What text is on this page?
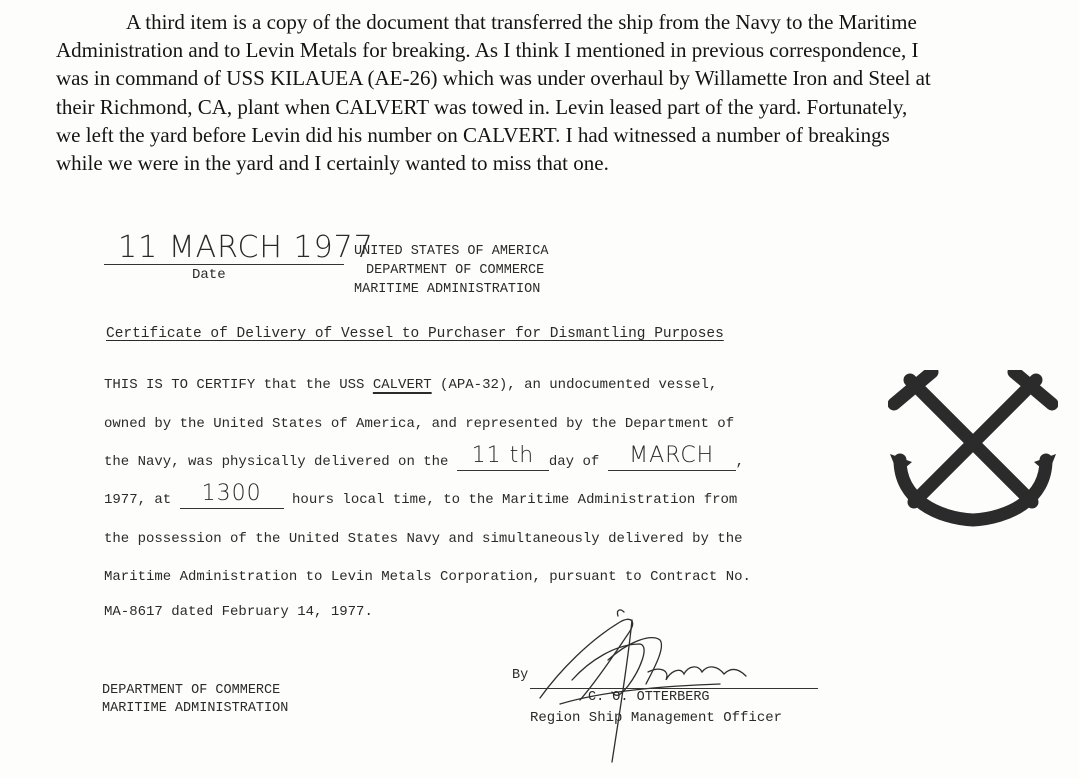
A third item is a copy of the document that transferred the ship from the Navy to the Maritime Administration and to Levin Metals for breaking. As I think I mentioned in previous correspondence, I was in command of USS KILAUEA (AE-26) which was under overhaul by Willamette Iron and Steel at their Richmond, CA, plant when CALVERT was towed in. Levin leased part of the yard. Fortunately, we left the yard before Levin did his number on CALVERT. I had witnessed a number of breakings while we were in the yard and I certainly wanted to miss that one.

11 MARCH 1977
Date
UNITED STATES OF AMERICA
DEPARTMENT OF COMMERCE
MARITIME ADMINISTRATION
Certificate of Delivery of Vessel to Purchaser for Dismantling Purposes
THIS IS TO CERTIFY that the USS CALVERT (APA-32), an undocumented vessel,
owned by the United States of America, and represented by the Department of
the Navy, was physically delivered on the 11 th	day of MARCH	,
1977, at	1300	hours local time, to the Maritime Administration from
the possession of the United States Navy and simultaneously delivered by the
Maritime Administration to Levin Metals Corporation, pursuant to Contract No.
MA-8617 dated February 14, 1977.
DEPARTMENT OF COMMERCE
MARITIME ADMINISTRATION
By
C. O. OTTERBERG
Region Ship Management Officer
